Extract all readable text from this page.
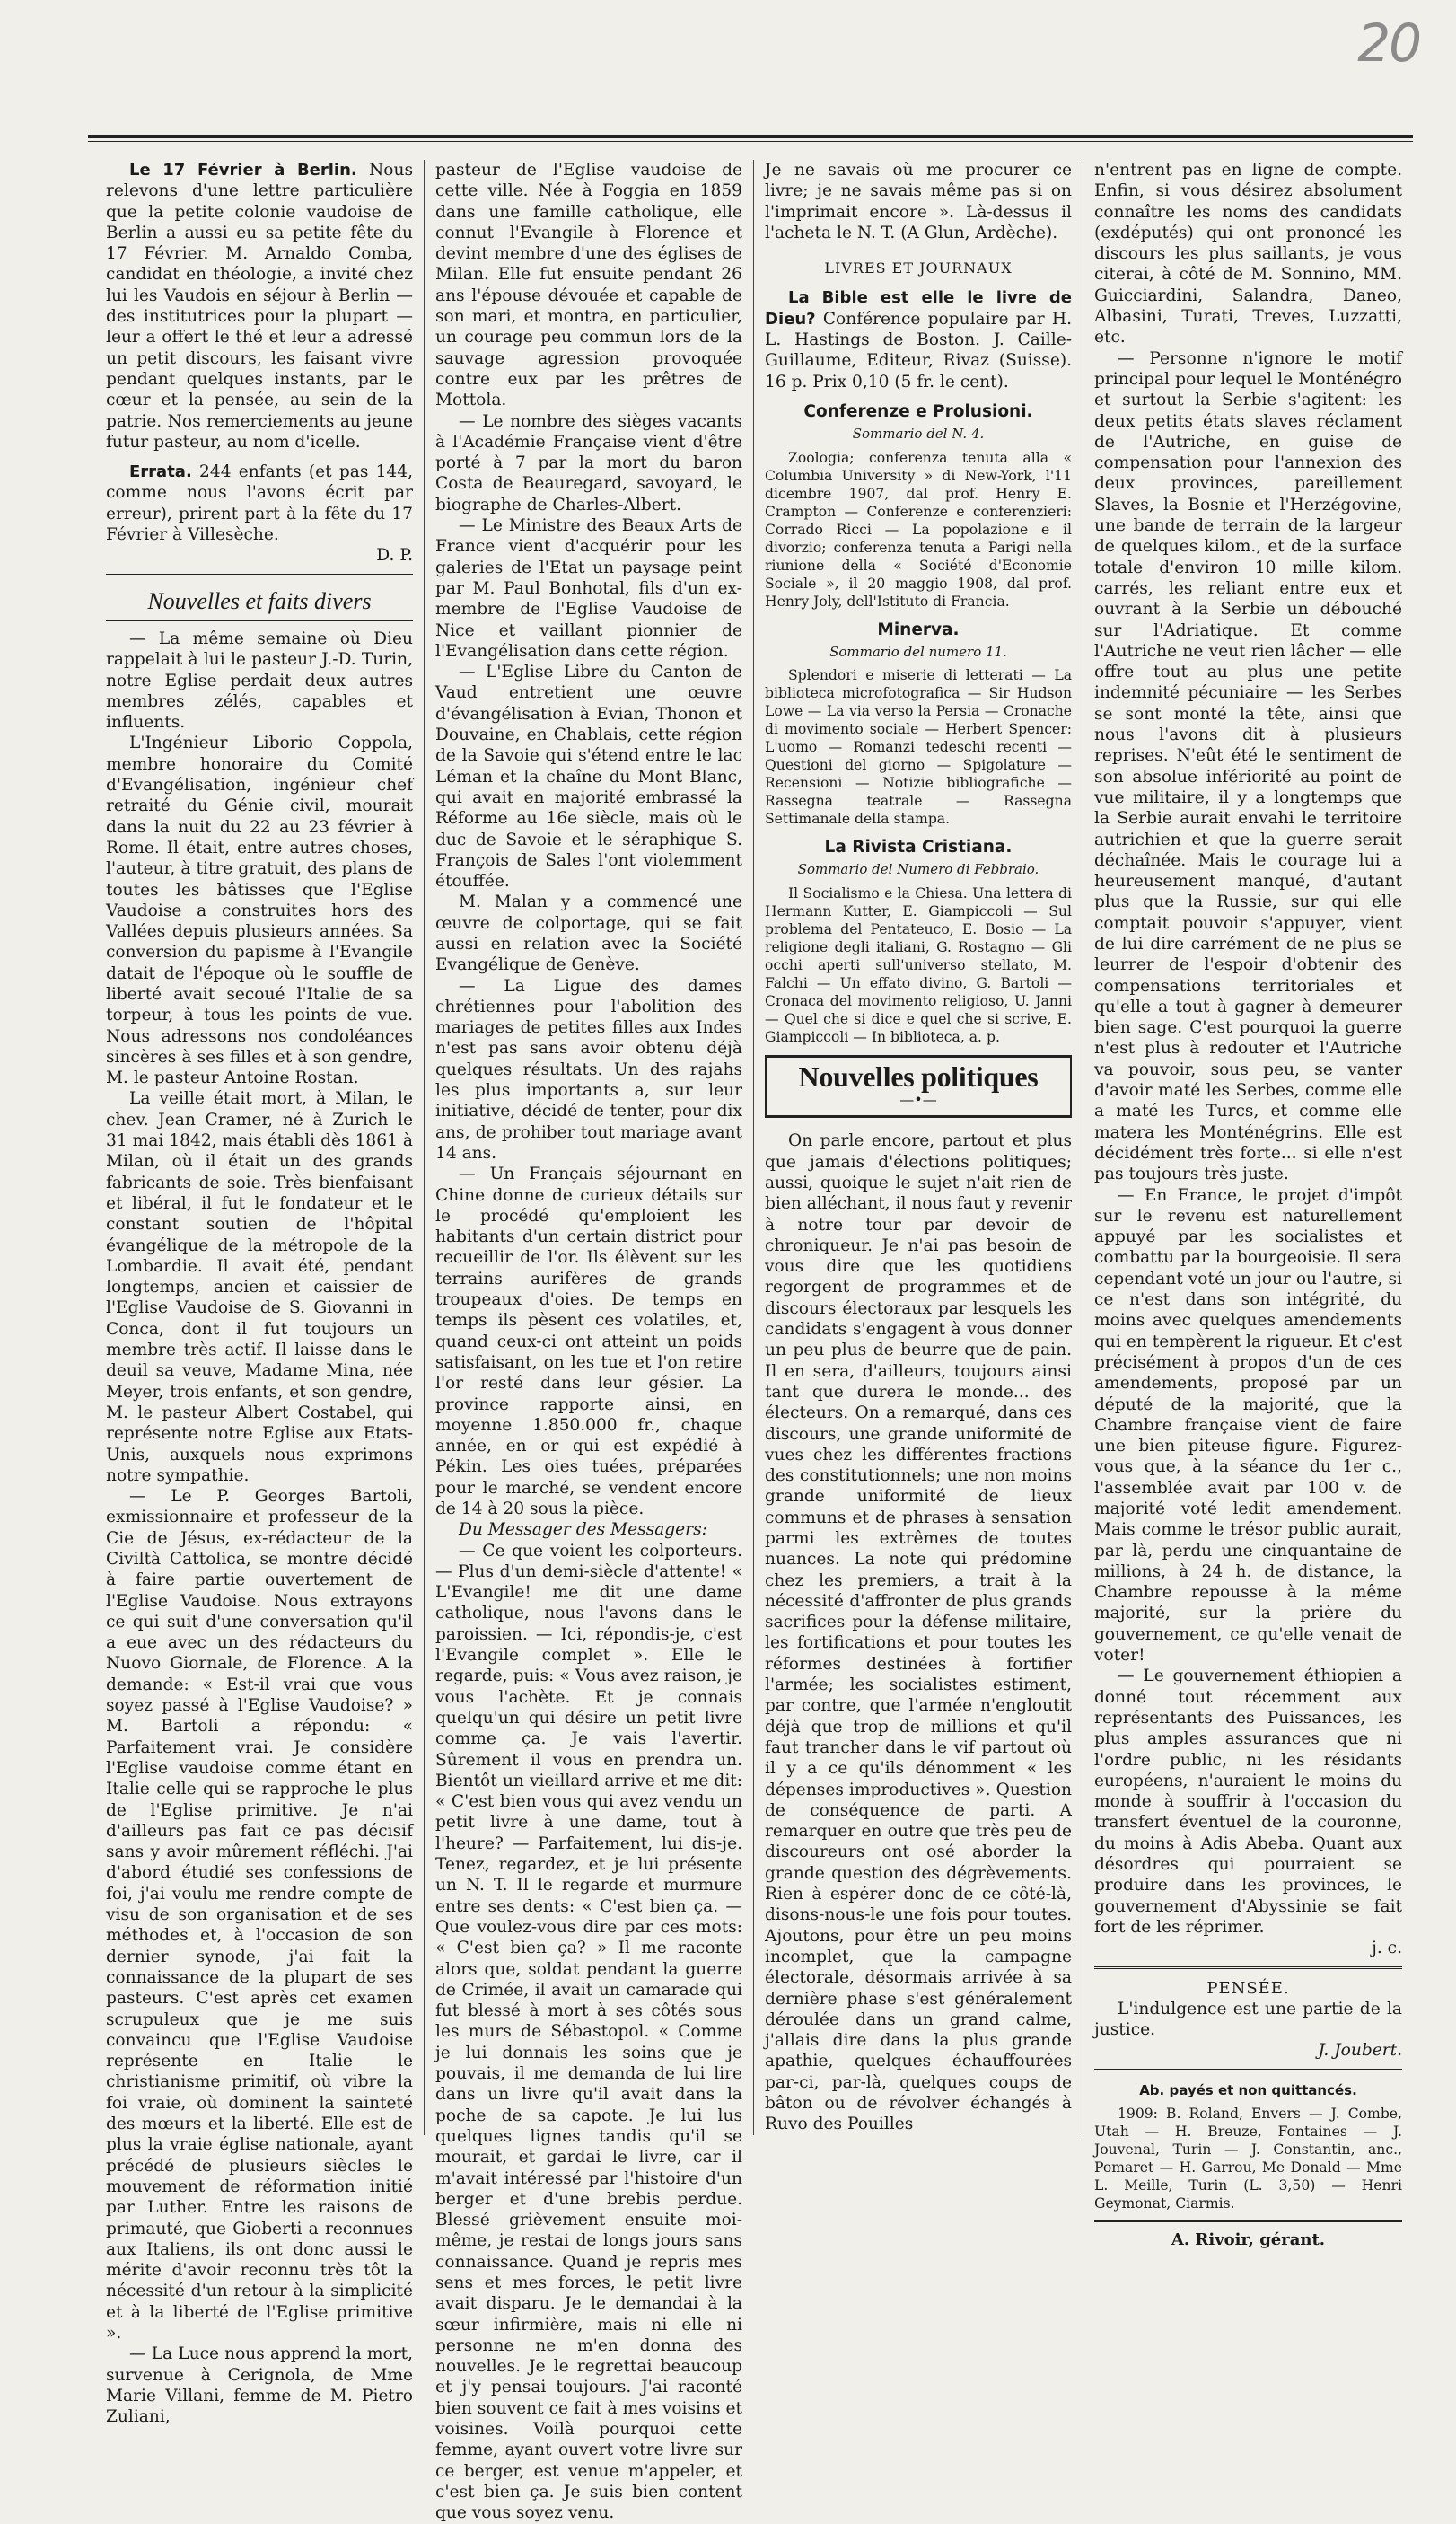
20

Le 17 Février à Berlin. Nous relevons d'une lettre particulière que la petite colonie vaudoise de Berlin a aussi eu sa petite fête du 17 Février. M. Arnaldo Comba, candidat en théologie, a invité chez lui les Vaudois en séjour à Berlin — des institutrices pour la plupart — leur a offert le thé et leur a adressé un petit discours, les faisant vivre pendant quelques instants, par le cœur et la pensée, au sein de la patrie. Nos remerciements au jeune futur pasteur, au nom d'icelle.

Errata. 244 enfants (et pas 144, comme nous l'avons écrit par erreur), prirent part à la fête du 17 Février à Villesèche.

D. P.
Nouvelles et faits divers

— La même semaine où Dieu rappelait à lui le pasteur J.-D. Turin, notre Eglise perdait deux autres membres zélés, capables et influents.

L'Ingénieur Liborio Coppola, membre honoraire du Comité d'Evangélisation, ingénieur chef retraité du Génie civil, mourait dans la nuit du 22 au 23 février à Rome. Il était, entre autres choses, l'auteur, à titre gratuit, des plans de toutes les bâtisses que l'Eglise Vaudoise a construites hors des Vallées depuis plusieurs années. Sa conversion du papisme à l'Evangile datait de l'époque où le souffle de liberté avait secoué l'Italie de sa torpeur, à tous les points de vue. Nous adressons nos condoléances sincères à ses filles et à son gendre, M. le pasteur Antoine Rostan.

La veille était mort, à Milan, le chev. Jean Cramer, né à Zurich le 31 mai 1842, mais établi dès 1861 à Milan, où il était un des grands fabricants de soie. Très bienfaisant et libéral, il fut le fondateur et le constant soutien de l'hôpital évangélique de la métropole de la Lombardie. Il avait été, pendant longtemps, ancien et caissier de l'Eglise Vaudoise de S. Giovanni in Conca, dont il fut toujours un membre très actif. Il laisse dans le deuil sa veuve, Madame Mina, née Meyer, trois enfants, et son gendre, M. le pasteur Albert Costabel, qui représente notre Eglise aux Etats-Unis, auxquels nous exprimons notre sympathie.

— Le P. Georges Bartoli, exmissionnaire et professeur de la Cie de Jésus, ex-rédacteur de la Civiltà Cattolica, se montre décidé à faire partie ouvertement de l'Eglise Vaudoise. Nous extrayons ce qui suit d'une conversation qu'il a eue avec un des rédacteurs du Nuovo Giornale, de Florence. A la demande: « Est-il vrai que vous soyez passé à l'Eglise Vaudoise? » M. Bartoli a répondu: « Parfaitement vrai. Je considère l'Eglise vaudoise comme étant en Italie celle qui se rapproche le plus de l'Eglise primitive. Je n'ai d'ailleurs pas fait ce pas décisif sans y avoir mûrement réfléchi. J'ai d'abord étudié ses confessions de foi, j'ai voulu me rendre compte de visu de son organisation et de ses méthodes et, à l'occasion de son dernier synode, j'ai fait la connaissance de la plupart de ses pasteurs. C'est après cet examen scrupuleux que je me suis convaincu que l'Eglise Vaudoise représente en Italie le christianisme primitif, où vibre la foi vraie, où dominent la sainteté des mœurs et la liberté. Elle est de plus la vraie église nationale, ayant précédé de plusieurs siècles le mouvement de réformation initié par Luther. Entre les raisons de primauté, que Gioberti a reconnues aux Italiens, ils ont donc aussi le mérite d'avoir reconnu très tôt la nécessité d'un retour à la simplicité et à la liberté de l'Eglise primitive ».

— La Luce nous apprend la mort, survenue à Cerignola, de Mme Marie Villani, femme de M. Pietro Zuliani,

pasteur de l'Eglise vaudoise de cette ville. Née à Foggia en 1859 dans une famille catholique, elle connut l'Evangile à Florence et devint membre d'une des églises de Milan. Elle fut ensuite pendant 26 ans l'épouse dévouée et capable de son mari, et montra, en particulier, un courage peu commun lors de la sauvage agression provoquée contre eux par les prêtres de Mottola.

— Le nombre des sièges vacants à l'Académie Française vient d'être porté à 7 par la mort du baron Costa de Beauregard, savoyard, le biographe de Charles-Albert.

— Le Ministre des Beaux Arts de France vient d'acquérir pour les galeries de l'Etat un paysage peint par M. Paul Bonhotal, fils d'un ex-membre de l'Eglise Vaudoise de Nice et vaillant pionnier de l'Evangélisation dans cette région.

— L'Eglise Libre du Canton de Vaud entretient une œuvre d'évangélisation à Evian, Thonon et Douvaine, en Chablais, cette région de la Savoie qui s'étend entre le lac Léman et la chaîne du Mont Blanc, qui avait en majorité embrassé la Réforme au 16e siècle, mais où le duc de Savoie et le séraphique S. François de Sales l'ont violemment étouffée.

M. Malan y a commencé une œuvre de colportage, qui se fait aussi en relation avec la Société Evangélique de Genève.

— La Ligue des dames chrétiennes pour l'abolition des mariages de petites filles aux Indes n'est pas sans avoir obtenu déjà quelques résultats. Un des rajahs les plus importants a, sur leur initiative, décidé de tenter, pour dix ans, de prohiber tout mariage avant 14 ans.

— Un Français séjournant en Chine donne de curieux détails sur le procédé qu'emploient les habitants d'un certain district pour recueillir de l'or. Ils élèvent sur les terrains aurifères de grands troupeaux d'oies. De temps en temps ils pèsent ces volatiles, et, quand ceux-ci ont atteint un poids satisfaisant, on les tue et l'on retire l'or resté dans leur gésier. La province rapporte ainsi, en moyenne 1.850.000 fr., chaque année, en or qui est expédié à Pékin. Les oies tuées, préparées pour le marché, se vendent encore de 14 à 20 sous la pièce.

Du Messager des Messagers:

— Ce que voient les colporteurs. — Plus d'un demi-siècle d'attente! « L'Evangile! me dit une dame catholique, nous l'avons dans le paroissien. — Ici, répondis-je, c'est l'Evangile complet ». Elle le regarde, puis: « Vous avez raison, je vous l'achète. Et je connais quelqu'un qui désire un petit livre comme ça. Je vais l'avertir. Sûrement il vous en prendra un. Bientôt un vieillard arrive et me dit: « C'est bien vous qui avez vendu un petit livre à une dame, tout à l'heure? — Parfaitement, lui dis-je. Tenez, regardez, et je lui présente un N. T. Il le regarde et murmure entre ses dents: « C'est bien ça. — Que voulez-vous dire par ces mots: « C'est bien ça? » Il me raconte alors que, soldat pendant la guerre de Crimée, il avait un camarade qui fut blessé à mort à ses côtés sous les murs de Sébastopol. « Comme je lui donnais les soins que je pouvais, il me demanda de lui lire dans un livre qu'il avait dans la poche de sa capote. Je lui lus quelques lignes tandis qu'il se mourait, et gardai le livre, car il m'avait intéressé par l'histoire d'un berger et d'une brebis perdue. Blessé grièvement ensuite moi-même, je restai de longs jours sans connaissance. Quand je repris mes sens et mes forces, le petit livre avait disparu. Je le demandai à la sœur infirmière, mais ni elle ni personne ne m'en donna des nouvelles. Je le regrettai beaucoup et j'y pensai toujours. J'ai raconté bien souvent ce fait à mes voisins et voisines. Voilà pourquoi cette femme, ayant ouvert votre livre sur ce berger, est venue m'appeler, et c'est bien ça. Je suis bien content que vous soyez venu.

Je ne savais où me procurer ce livre; je ne savais même pas si on l'imprimait encore ». Là-dessus il l'acheta le N. T. (A Glun, Ardèche).

LIVRES ET JOURNAUX

La Bible est elle le livre de Dieu? Conférence populaire par H. L. Hastings de Boston. J. Caille-Guillaume, Editeur, Rivaz (Suisse). 16 p. Prix 0,10 (5 fr. le cent).

Conferenze e Prolusioni.
Sommario del N. 4.

Zoologia; conferenza tenuta alla « Columbia University » di New-York, l'11 dicembre 1907, dal prof. Henry E. Crampton — Conferenze e conferenzieri: Corrado Ricci — La popolazione e il divorzio; conferenza tenuta a Parigi nella riunione della « Société d'Economie Sociale », il 20 maggio 1908, dal prof. Henry Joly, dell'Istituto di Francia.

Minerva.
Sommario del numero 11.

Splendori e miserie di letterati — La biblioteca microfotografica — Sir Hudson Lowe — La via verso la Persia — Cronache di movimento sociale — Herbert Spencer: L'uomo — Romanzi tedeschi recenti — Questioni del giorno — Spigolature — Recensioni — Notizie bibliografiche — Rassegna teatrale — Rassegna Settimanale della stampa.

La Rivista Cristiana.
Sommario del Numero di Febbraio.

Il Socialismo e la Chiesa. Una lettera di Hermann Kutter, E. Giampiccoli — Sul problema del Pentateuco, E. Bosio — La religione degli italiani, G. Rostagno — Gli occhi aperti sull'universo stellato, M. Falchi — Un effato divino, G. Bartoli — Cronaca del movimento religioso, U. Janni — Quel che si dice e quel che si scrive, E. Giampiccoli — In biblioteca, a. p.

Nouvelles politiques
—•—

On parle encore, partout et plus que jamais d'élections politiques; aussi, quoique le sujet n'ait rien de bien alléchant, il nous faut y revenir à notre tour par devoir de chroniqueur. Je n'ai pas besoin de vous dire que les quotidiens regorgent de programmes et de discours électoraux par lesquels les candidats s'engagent à vous donner un peu plus de beurre que de pain. Il en sera, d'ailleurs, toujours ainsi tant que durera le monde... des électeurs. On a remarqué, dans ces discours, une grande uniformité de vues chez les différentes fractions des constitutionnels; une non moins grande uniformité de lieux communs et de phrases à sensation parmi les extrêmes de toutes nuances. La note qui prédomine chez les premiers, a trait à la nécessité d'affronter de plus grands sacrifices pour la défense militaire, les fortifications et pour toutes les réformes destinées à fortifier l'armée; les socialistes estiment, par contre, que l'armée n'engloutit déjà que trop de millions et qu'il faut trancher dans le vif partout où il y a ce qu'ils dénomment « les dépenses improductives ». Question de conséquence de parti. A remarquer en outre que très peu de discoureurs ont osé aborder la grande question des dégrèvements. Rien à espérer donc de ce côté-là, disons-nous-le une fois pour toutes. Ajoutons, pour être un peu moins incomplet, que la campagne électorale, désormais arrivée à sa dernière phase s'est généralement déroulée dans un grand calme, j'allais dire dans la plus grande apathie, quelques échauffourées par-ci, par-là, quelques coups de bâton ou de révolver échangés à Ruvo des Pouilles

n'entrent pas en ligne de compte. Enfin, si vous désirez absolument connaître les noms des candidats (exdéputés) qui ont prononcé les discours les plus saillants, je vous citerai, à côté de M. Sonnino, MM. Guicciardini, Salandra, Daneo, Albasini, Turati, Treves, Luzzatti, etc.

— Personne n'ignore le motif principal pour lequel le Monténégro et surtout la Serbie s'agitent: les deux petits états slaves réclament de l'Autriche, en guise de compensation pour l'annexion des deux provinces, pareillement Slaves, la Bosnie et l'Herzégovine, une bande de terrain de la largeur de quelques kilom., et de la surface totale d'environ 10 mille kilom. carrés, les reliant entre eux et ouvrant à la Serbie un débouché sur l'Adriatique. Et comme l'Autriche ne veut rien lâcher — elle offre tout au plus une petite indemnité pécuniaire — les Serbes se sont monté la tête, ainsi que nous l'avons dit à plusieurs reprises. N'eût été le sentiment de son absolue infériorité au point de vue militaire, il y a longtemps que la Serbie aurait envahi le territoire autrichien et que la guerre serait déchaînée. Mais le courage lui a heureusement manqué, d'autant plus que la Russie, sur qui elle comptait pouvoir s'appuyer, vient de lui dire carrément de ne plus se leurrer de l'espoir d'obtenir des compensations territoriales et qu'elle a tout à gagner à demeurer bien sage. C'est pourquoi la guerre n'est plus à redouter et l'Autriche va pouvoir, sous peu, se vanter d'avoir maté les Serbes, comme elle a maté les Turcs, et comme elle matera les Monténégrins. Elle est décidément très forte... si elle n'est pas toujours très juste.

— En France, le projet d'impôt sur le revenu est naturellement appuyé par les socialistes et combattu par la bourgeoisie. Il sera cependant voté un jour ou l'autre, si ce n'est dans son intégrité, du moins avec quelques amendements qui en tempèrent la rigueur. Et c'est précisément à propos d'un de ces amendements, proposé par un député de la majorité, que la Chambre française vient de faire une bien piteuse figure. Figurez-vous que, à la séance du 1er c., l'assemblée avait par 100 v. de majorité voté ledit amendement. Mais comme le trésor public aurait, par là, perdu une cinquantaine de millions, à 24 h. de distance, la Chambre repousse à la même majorité, sur la prière du gouvernement, ce qu'elle venait de voter!

— Le gouvernement éthiopien a donné tout récemment aux représentants des Puissances, les plus amples assurances que ni l'ordre public, ni les résidants européens, n'auraient le moins du monde à souffrir à l'occasion du transfert éventuel de la couronne, du moins à Adis Abeba. Quant aux désordres qui pourraient se produire dans les provinces, le gouvernement d'Abyssinie se fait fort de les réprimer.

j. c.
PENSÉE.

L'indulgence est une partie de la justice.

J. Joubert.
Ab. payés et non quittancés.

1909: B. Roland, Envers — J. Combe, Utah — H. Breuze, Fontaines — J. Jouvenal, Turin — J. Constantin, anc., Pomaret — H. Garrou, Me Donald — Mme L. Meille, Turin (L. 3,50) — Henri Geymonat, Ciarmis.

A. Rivoir, gérant.
